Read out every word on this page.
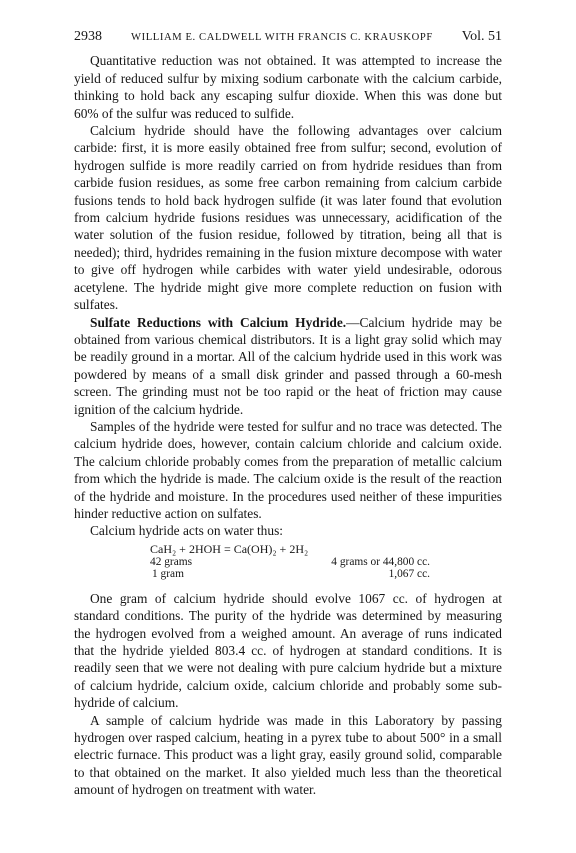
2938	WILLIAM E. CALDWELL WITH FRANCIS C. KRAUSKOPF Vol. 51

Quantitative reduction was not obtained. It was attempted to increase the yield of reduced sulfur by mixing sodium carbonate with the calcium carbide, thinking to hold back any escaping sulfur dioxide. When this was done but 60% of the sulfur was reduced to sulfide.

Calcium hydride should have the following advantages over calcium carbide: first, it is more easily obtained free from sulfur; second, evolution of hydrogen sulfide is more readily carried on from hydride residues than from carbide fusion residues, as some free carbon remaining from calcium carbide fusions tends to hold back hydrogen sulfide (it was later found that evolution from calcium hydride fusions residues was unnecessary, acidification of the water solution of the fusion residue, followed by titration, being all that is needed); third, hydrides remaining in the fusion mixture decompose with water to give off hydrogen while carbides with water yield undesirable, odorous acetylene. The hydride might give more complete reduction on fusion with sulfates.

Sulfate Reductions with Calcium Hydride.—Calcium hydride may be obtained from various chemical distributors. It is a light gray solid which may be readily ground in a mortar. All of the calcium hydride used in this work was powdered by means of a small disk grinder and passed through a 60-mesh screen. The grinding must not be too rapid or the heat of friction may cause ignition of the calcium hydride.

Samples of the hydride were tested for sulfur and no trace was detected. The calcium hydride does, however, contain calcium chloride and calcium oxide. The calcium chloride probably comes from the preparation of metallic calcium from which the hydride is made. The calcium oxide is the result of the reaction of the hydride and moisture. In the procedures used neither of these impurities hinder reductive action on sulfates.

Calcium hydride acts on water thus:

CaH₂ + 2HOH = Ca(OH)₂ + 2H₂
42 grams	4 grams or 44,800 cc.
1 gram	1,067 cc.

One gram of calcium hydride should evolve 1067 cc. of hydrogen at standard conditions. The purity of the hydride was determined by measuring the hydrogen evolved from a weighed amount. An average of runs indicated that the hydride yielded 803.4 cc. of hydrogen at standard conditions. It is readily seen that we were not dealing with pure calcium hydride but a mixture of calcium hydride, calcium oxide, calcium chloride and probably some sub-hydride of calcium.

A sample of calcium hydride was made in this Laboratory by passing hydrogen over rasped calcium, heating in a pyrex tube to about 500° in a small electric furnace. This product was a light gray, easily ground solid, comparable to that obtained on the market. It also yielded much less than the theoretical amount of hydrogen on treatment with water.
